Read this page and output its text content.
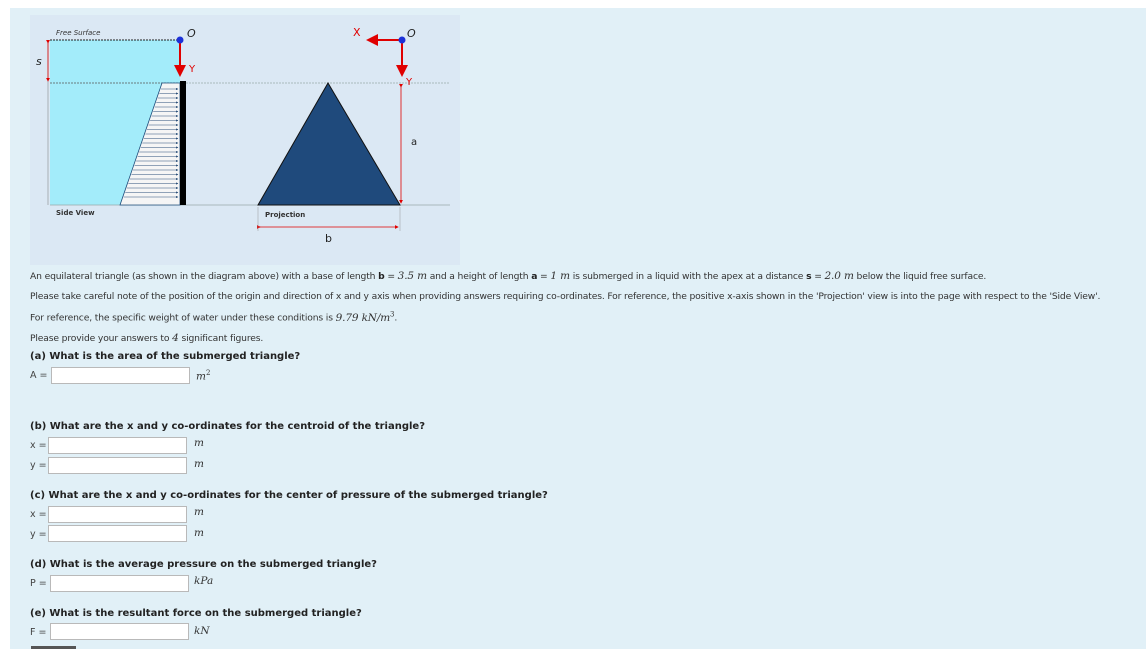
s
Free Surface	O
Y
Side View	Projection
b
a
O
X
Y
An equilateral triangle (as shown in the diagram above) with a base of length b = 3.5 m and a height of length a = 1 m is submerged in a liquid with the apex at a distance s = 2.0 m below the liquid free surface.
Please take careful note of the position of the origin and direction of x and y axis when providing answers requiring co-ordinates. For reference, the positive x-axis shown in the 'Projection' view is into the page with respect to the 'Side View'.
For reference, the specific weight of water under these conditions is 9.79 $kN/m^3$.
Please provide your answers to 4 significant figures.
(a) What is the area of the submerged triangle?
A =	$m^2$
(b) What are the x and y co-ordinates for the centroid of the triangle?
x =	m
y =	m
(c) What are the x and y co-ordinates for the center of pressure of the submerged triangle?
x =	m
y =	m
(d) What is the average pressure on the submerged triangle?
P =	kPa
(e) What is the resultant force on the submerged triangle?
F =	kN
